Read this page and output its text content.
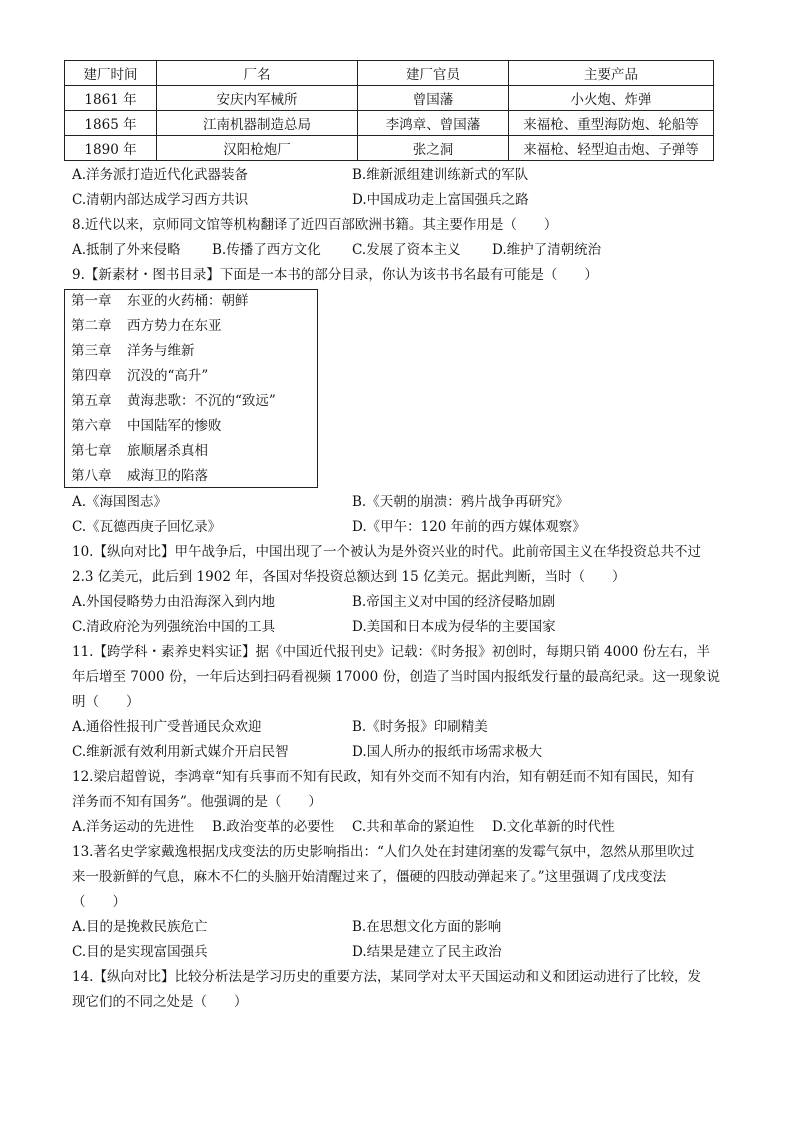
建厂时间	厂名	建厂官员	主要产品
1861 年	安庆内军械所	曾国藩	小火炮、炸弹
1865 年	江南机器制造总局	李鸿章、曾国藩	来福枪、重型海防炮、轮船等
1890 年	汉阳枪炮厂	张之洞	来福枪、轻型迫击炮、子弹等
A.洋务派打造近代化武器装备	B.维新派组建训练新式的军队
C.清朝内部达成学习西方共识	D.中国成功走上富国强兵之路
8.近代以来，京师同文馆等机构翻译了近四百部欧洲书籍。其主要作用是（　　）
A.抵制了外来侵略 B.传播了西方文化 C.发展了资本主义 D.维护了清朝统治
9.【新素材・图书目录】下面是一本书的部分目录，你认为该书书名最有可能是（　　）
第一章 东亚的火药桶：朝鲜
第二章 西方势力在东亚
第三章 洋务与维新
第四章 沉没的“高升”
第五章 黄海悲歌：不沉的“致远”
第六章 中国陆军的惨败
第七章 旅顺屠杀真相
第八章 威海卫的陷落
A.《海国图志》	B.《天朝的崩溃：鸦片战争再研究》
C.《瓦德西庚子回忆录》	D.《甲午：120 年前的西方媒体观察》
10.【纵向对比】甲午战争后，中国出现了一个被认为是外资兴业的时代。此前帝国主义在华投资总共不过
2.3 亿美元，此后到 1902 年，各国对华投资总额达到 15 亿美元。据此判断，当时（　　）
A.外国侵略势力由沿海深入到内地	B.帝国主义对中国的经济侵略加剧
C.清政府沦为列强统治中国的工具	D.美国和日本成为侵华的主要国家
11.【跨学科・素养史料实证】据《中国近代报刊史》记载：《时务报》初创时，每期只销 4000 份左右，半
年后增至 7000 份，一年后达到扫码看视频 17000 份，创造了当时国内报纸发行量的最高纪录。这一现象说
明（　　）
A.通俗性报刊广受普通民众欢迎	B.《时务报》印刷精美
C.维新派有效利用新式媒介开启民智	D.国人所办的报纸市场需求极大
12.梁启超曾说，李鸿章“知有兵事而不知有民政，知有外交而不知有内治，知有朝廷而不知有国民，知有
洋务而不知有国务”。他强调的是（　　）
A.洋务运动的先进性 B.政治变革的必要性 C.共和革命的紧迫性 D.文化革新的时代性
13.著名史学家戴逸根据戊戌变法的历史影响指出：“人们久处在封建闭塞的发霉气氛中，忽然从那里吹过
来一股新鲜的气息，麻木不仁的头脑开始清醒过来了，僵硬的四肢动弹起来了。”这里强调了戊戌变法
（　　）
A.目的是挽救民族危亡	B.在思想文化方面的影响
C.目的是实现富国强兵	D.结果是建立了民主政治
14.【纵向对比】比较分析法是学习历史的重要方法，某同学对太平天国运动和义和团运动进行了比较，发
现它们的不同之处是（　　）
